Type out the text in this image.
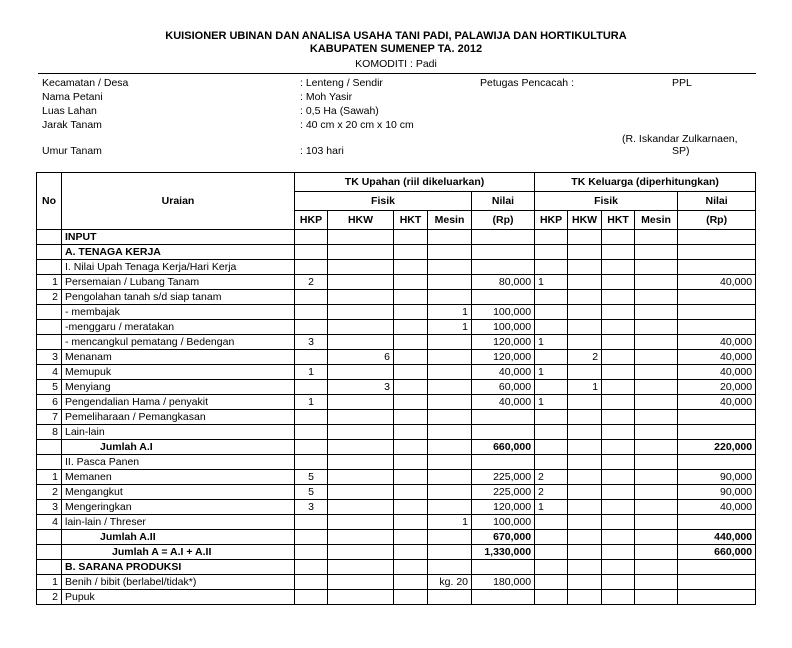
KUISIONER UBINAN DAN ANALISA USAHA TANI PADI, PALAWIJA DAN HORTIKULTURA
KABUPATEN SUMENEP TA. 2012
KOMODITI : Padi
Kecamatan / Desa	: Lenteng / Sendir	Petugas Pencacah :	PPL
Nama Petani	: Moh Yasir
Luas Lahan	: 0,5 Ha (Sawah)
Jarak Tanam	: 40 cm x 20 cm x 10 cm
(R. Iskandar Zulkarnaen,
SP)
Umur Tanam	: 103 hari
No	Uraian	TK Upahan (riil dikeluarkan)					TK Keluarga (diperhitungkan)				
		Fisik				Nilai	Fisik				Nilai
		HKP	HKW	HKT	Mesin	(Rp)	HKP	HKW	HKT	Mesin	(Rp)
	INPUT										
	A. TENAGA KERJA										
	I. Nilai Upah Tenaga Kerja/Hari Kerja										
1	Persemaian / Lubang Tanam	2				80,000	1				40,000
2	Pengolahan tanah s/d siap tanam										
	- membajak				1	100,000					
	-menggaru / meratakan				1	100,000					
	- mencangkul pematang / Bedengan	3				120,000	1				40,000
3	Menanam		6			120,000		2			40,000
4	Memupuk	1				40,000	1				40,000
5	Menyiang		3			60,000		1			20,000
6	Pengendalian Hama / penyakit	1				40,000	1				40,000
7	Pemeliharaan / Pemangkasan										
8	Lain-lain										
	Jumlah A.I					660,000					220,000
	II. Pasca Panen										
1	Memanen	5				225,000	2				90,000
2	Mengangkut	5				225,000	2				90,000
3	Mengeringkan	3				120,000	1				40,000
4	lain-lain / Threser				1	100,000					
	Jumlah A.II					670,000					440,000
	Jumlah A = A.I + A.II					1,330,000					660,000
	B. SARANA PRODUKSI										
1	Benih / bibit (berlabel/tidak*)				kg. 20	180,000					
2	Pupuk										
